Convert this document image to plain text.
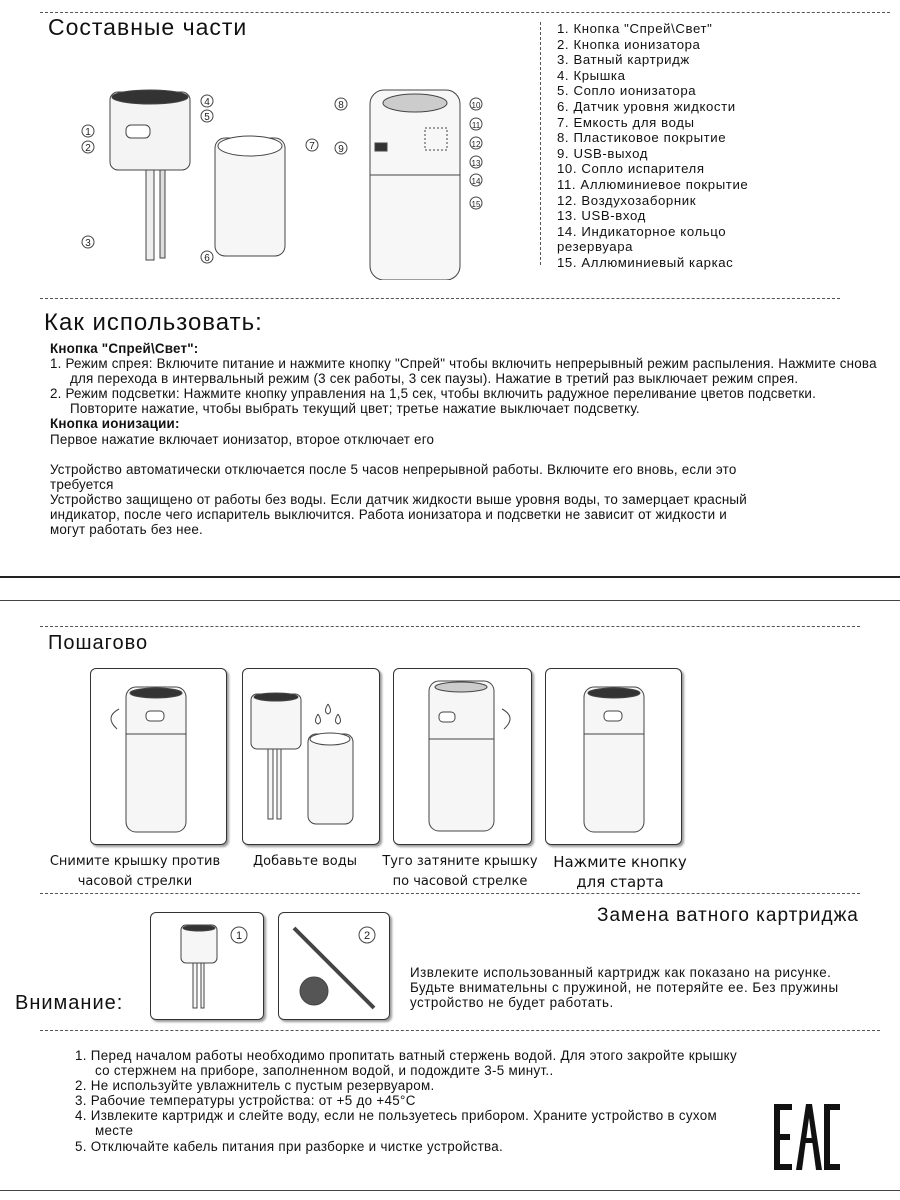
Составные части	1. Кнопка "Спрей\Свет"
2. Кнопка ионизатора
3. Ватный картридж
4. Крышка
5. Сопло ионизатора
6. Датчик уровня жидкости
7. Емкость для воды
8. Пластиковое покрытие
9. USB-выход
10. Сопло испарителя
11. Аллюминиевое покрытие
12. Воздухозаборник
13. USB-вход
14. Индикаторное кольцо
резервуара
15. Аллюминиевый каркас
1
2
3
4
5
6
7
8
9
10
11
12
13
14
15
Как использовать:
Кнопка "Спрей\Свет":
1. Режим спрея: Включите питание и нажмите кнопку "Спрей" чтобы включить непрерывный режим распыления. Нажмите снова для перехода в интервальный режим (3 сек работы, 3 сек паузы). Нажатие в третий раз выключает режим спрея.
2. Режим подсветки: Нажмите кнопку управления на 1,5 сек, чтобы включить радужное переливание цветов подсветки. Повторите нажатие, чтобы выбрать текущий цвет; третье нажатие выключает подсветку.
Кнопка ионизации:
Первое нажатие включает ионизатор, второе отключает его
Устройство автоматически отключается после 5 часов непрерывной работы. Включите его вновь, если это требуется
Устройство защищено от работы без воды. Если датчик жидкости выше уровня воды, то замерцает красный индикатор, после чего испаритель выключится. Работа ионизатора и подсветки не зависит от жидкости и могут работать без нее.
Пошагово
Снимите крышку против часовой стрелки
Добавьте воды	Туго затяните крышку по часовой стрелке
Нажмите кнопку для старта
Замена ватного картриджа
1	2
Извлеките использованный картридж как показано на рисунке. Будьте внимательны с пружиной, не потеряйте ее. Без пружины устройство не будет работать.
Внимание:
1. Перед началом работы необходимо пропитать ватный стержень водой. Для этого закройте крышку со стержнем на приборе, заполненном водой, и подождите 3-5 минут..
2. Не используйте увлажнитель с пустым резервуаром.
3. Рабочие температуры устройства: от +5 до +45°C
4. Извлеките картридж и слейте воду, если не пользуетесь прибором. Храните устройство в сухом месте
5. Отключайте кабель питания при разборке и чистке устройства.
